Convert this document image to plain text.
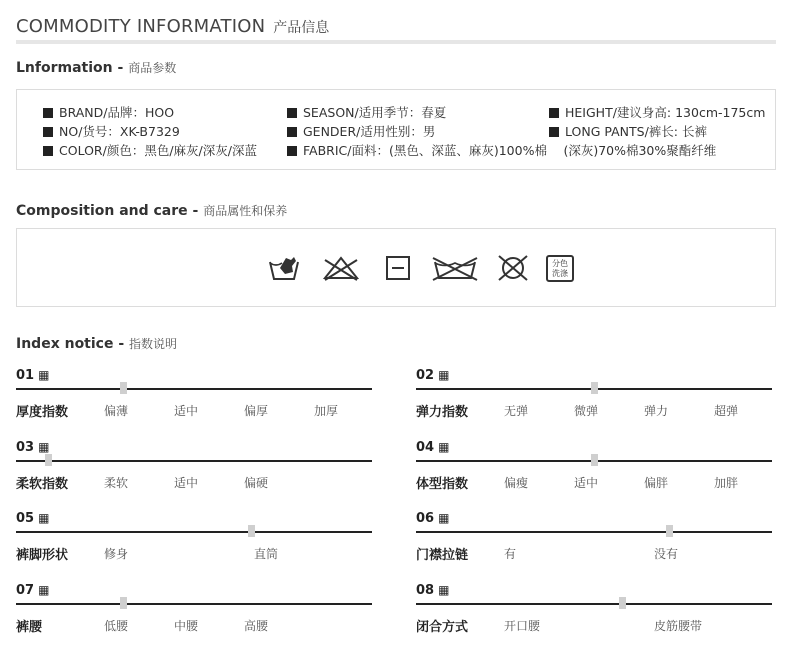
COMMODITY INFORMATION 产品信息
Lnformation - 商品参数
BRAND/品牌：HOO	SEASON/适用季节：春夏	HEIGHT/建议身高: 130cm-175cm
NO/货号：XK-B7329	GENDER/适用性别：男	LONG PANTS/裤长: 长裤
COLOR/颜色：黑色/麻灰/深灰/深蓝	FABRIC/面料：(黑色、深蓝、麻灰)100%棉 　(深灰)70%棉30%聚酯纤维
Composition and care - 商品属性和保养
分色
洗涤
Index notice - 指数说明
01 ▦
厚度指数	偏薄	适中	偏厚	加厚
02 ▦
弹力指数	无弹	微弹	弹力	超弹
03 ▦
柔软指数	柔软	适中	偏硬
04 ▦
体型指数	偏瘦	适中	偏胖	加胖
05 ▦
裤脚形状	修身	直筒
06 ▦
门襟拉链	有	没有
07 ▦
裤腰	低腰	中腰	高腰
08 ▦
闭合方式	开口腰	皮筋腰带
